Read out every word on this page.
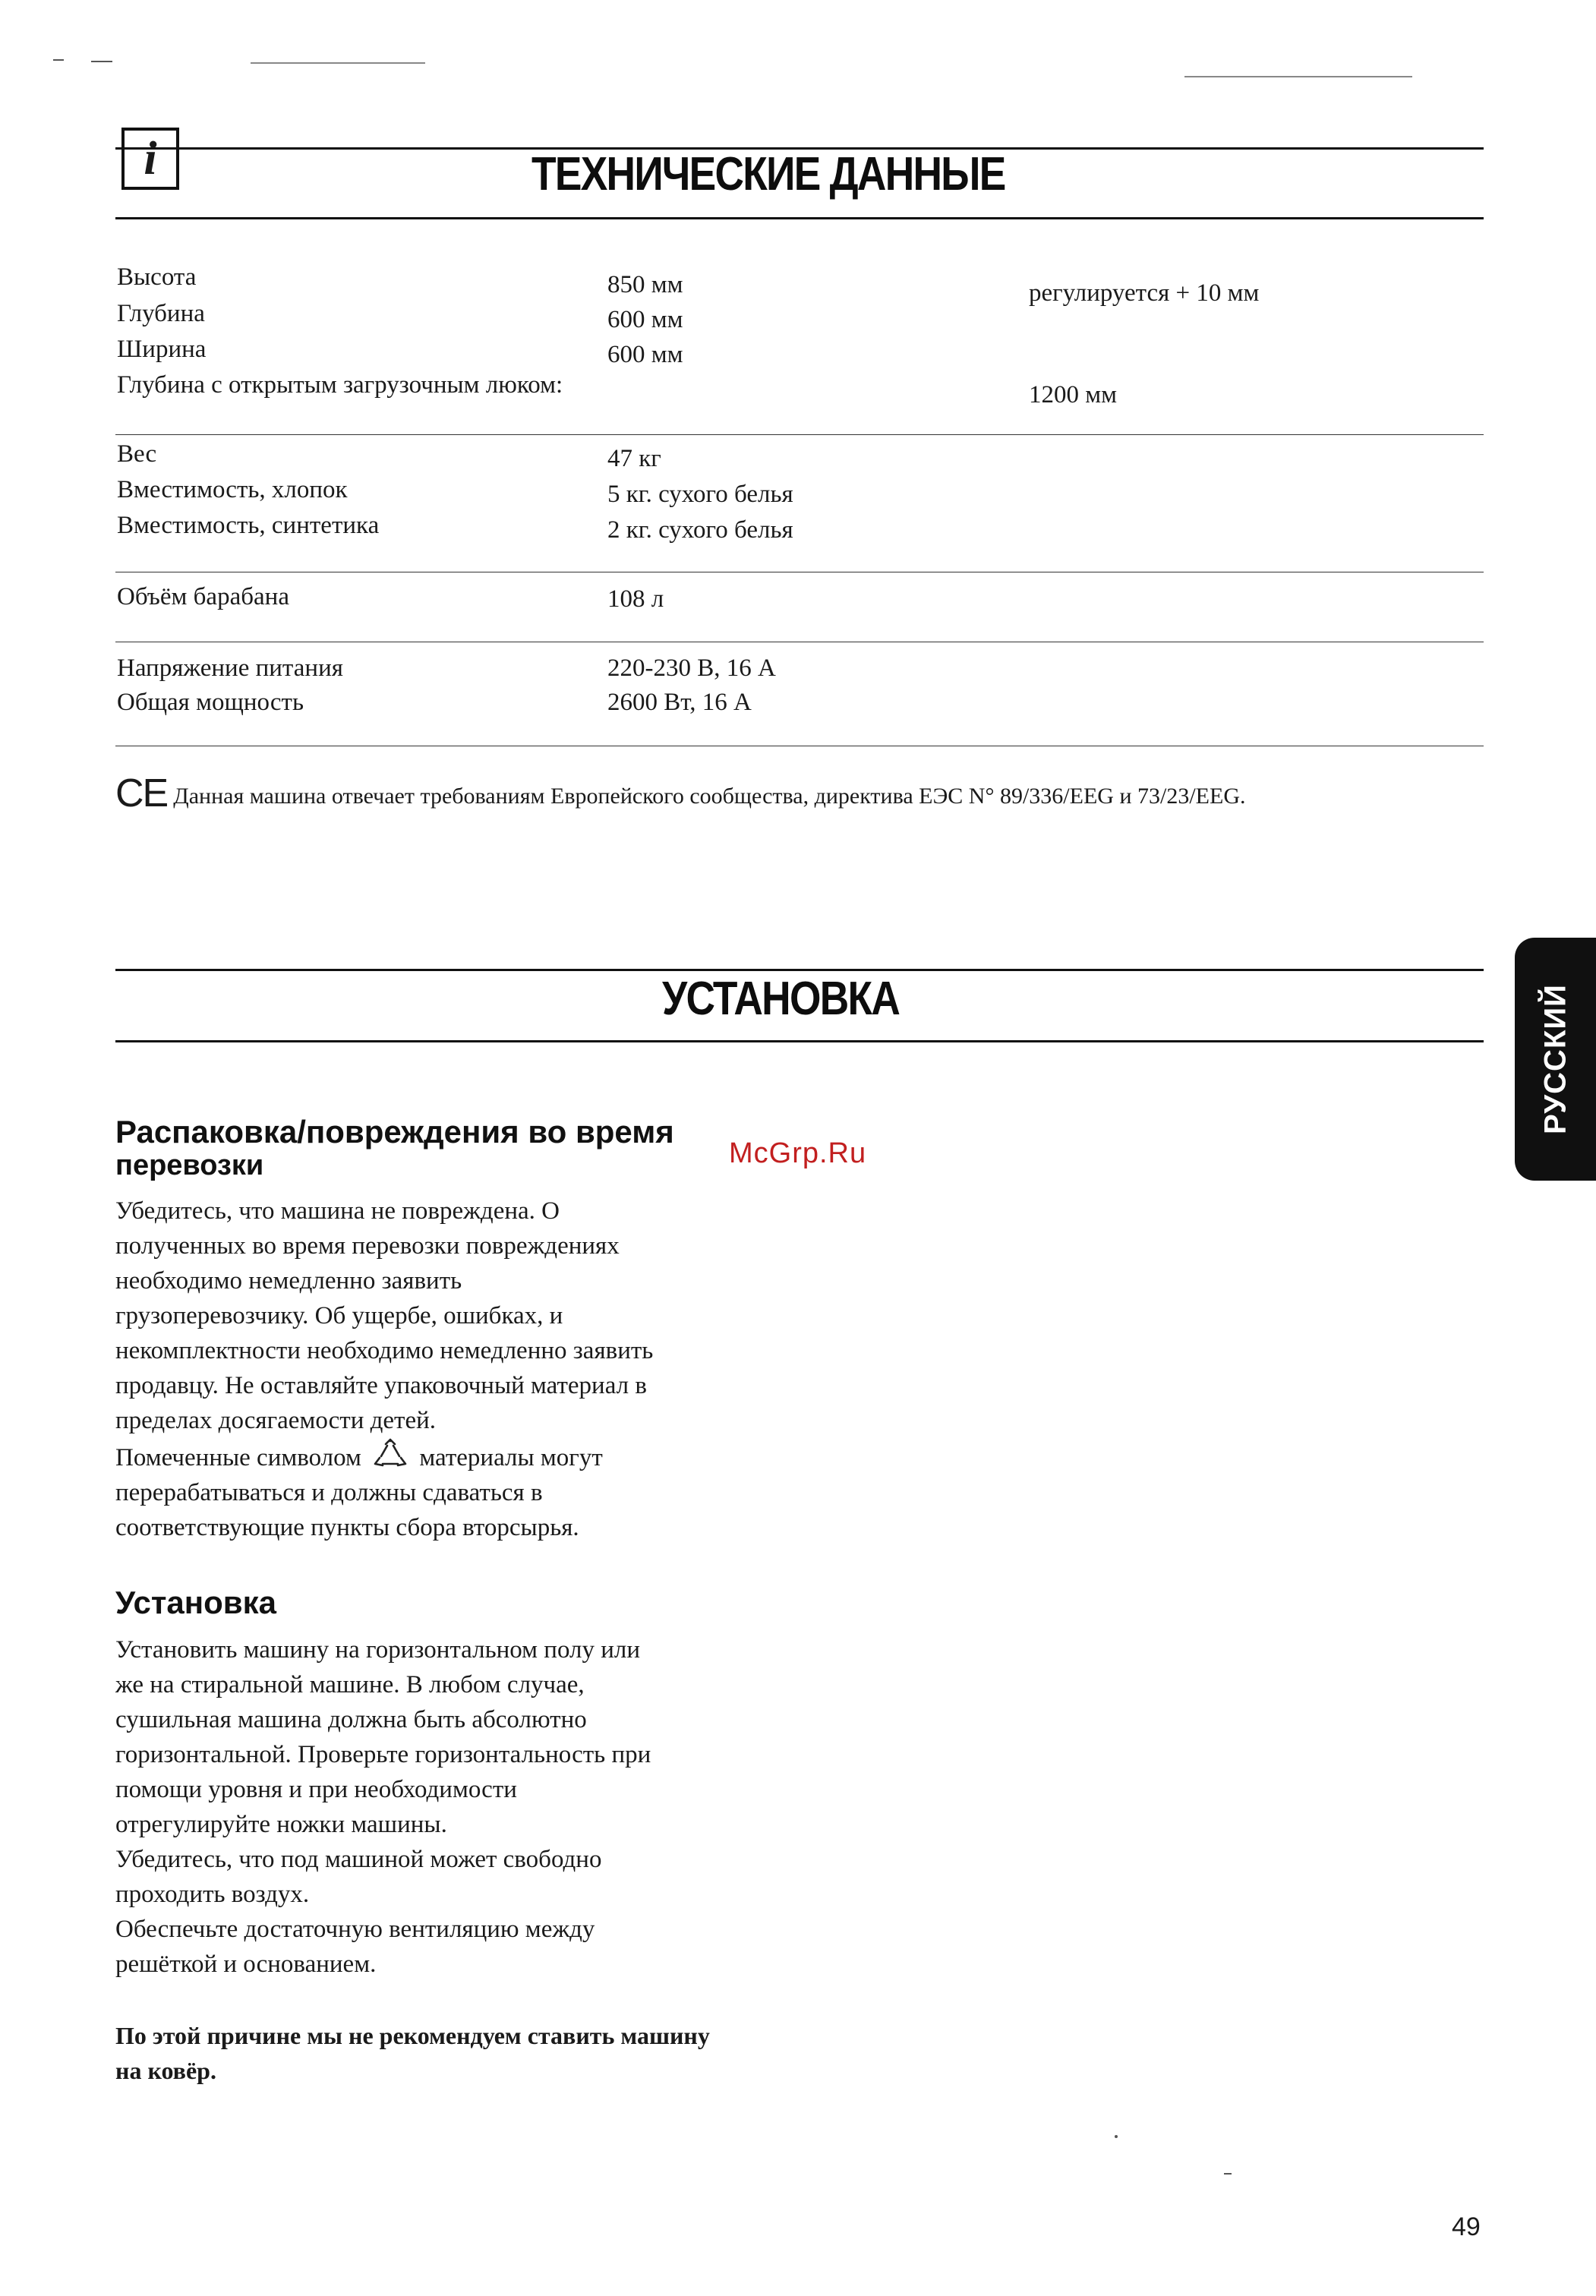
i	ТЕХНИЧЕСКИЕ ДАННЫЕ
Высота	850 мм	регулируется + 10 мм
Глубина	600 мм
Ширина	600 мм
Глубина с открытым загрузочным люком:	1200 мм
Вес	47 кг
Вместимость, хлопок	5 кг. сухого белья
Вместимость, синтетика	2 кг. сухого белья
Объём барабана	108 л
Напряжение питания	220-230 В, 16 А
Общая мощность	2600 Вт, 16 А
CE Данная машина отвечает требованиям Европейского сообщества, директива ЕЭС N° 89/336/EEG и 73/23/EEG.
УСТАНОВКА	РУССКИЙ
Распаковка/повреждения во время
перевозки	McGrp.Ru

Убедитесь, что машина не повреждена. О

полученных во время перевозки повреждениях

необходимо немедленно заявить

грузоперевозчику. Об ущербе, ошибках, и

некомплектности необходимо немедленно заявить

продавцу. Не оставляйте упаковочный материал в

пределах досягаемости детей.

Помеченные символом материалы могут

перерабатываться и должны сдаваться в

соответствующие пункты сбора вторсырья.

Установка

Установить машину на горизонтальном полу или

же на стиральной машине. В любом случае,

сушильная машина должна быть абсолютно

горизонтальной. Проверьте горизонтальность при

помощи уровня и при необходимости

отрегулируйте ножки машины.

Убедитесь, что под машиной может свободно

проходить воздух.

Обеспечьте достаточную вентиляцию между

решёткой и основанием.

По этой причине мы не рекомендуем ставить машину
на ковёр.
49
